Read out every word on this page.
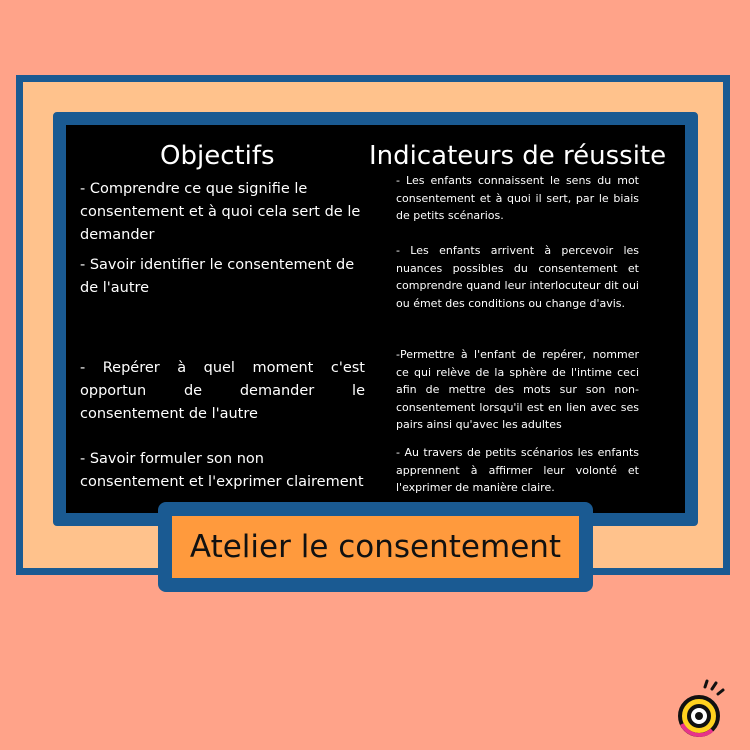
Objectifs	Indicateurs de réussite
- Comprendre ce que signifie le consentement et à quoi cela sert de le demander
- Savoir identifier le consentement de de l'autre
- Repérer à quel moment c'est opportun de demander le consentement de l'autre
- Savoir formuler son non consentement et l'exprimer clairement
- Les enfants connaissent le sens du mot consentement et à quoi il sert, par le biais de petits scénarios.
- Les enfants arrivent à percevoir les nuances possibles du consentement et comprendre quand leur interlocuteur dit oui ou émet des conditions ou change d'avis.
-Permettre à l'enfant de repérer, nommer ce qui relève de la sphère de l'intime ceci afin de mettre des mots sur son non-consentement lorsqu'il est en lien avec ses pairs ainsi qu'avec les adultes
- Au travers de petits scénarios les enfants apprennent à affirmer leur volonté et l'exprimer de manière claire.
Atelier le consentement
